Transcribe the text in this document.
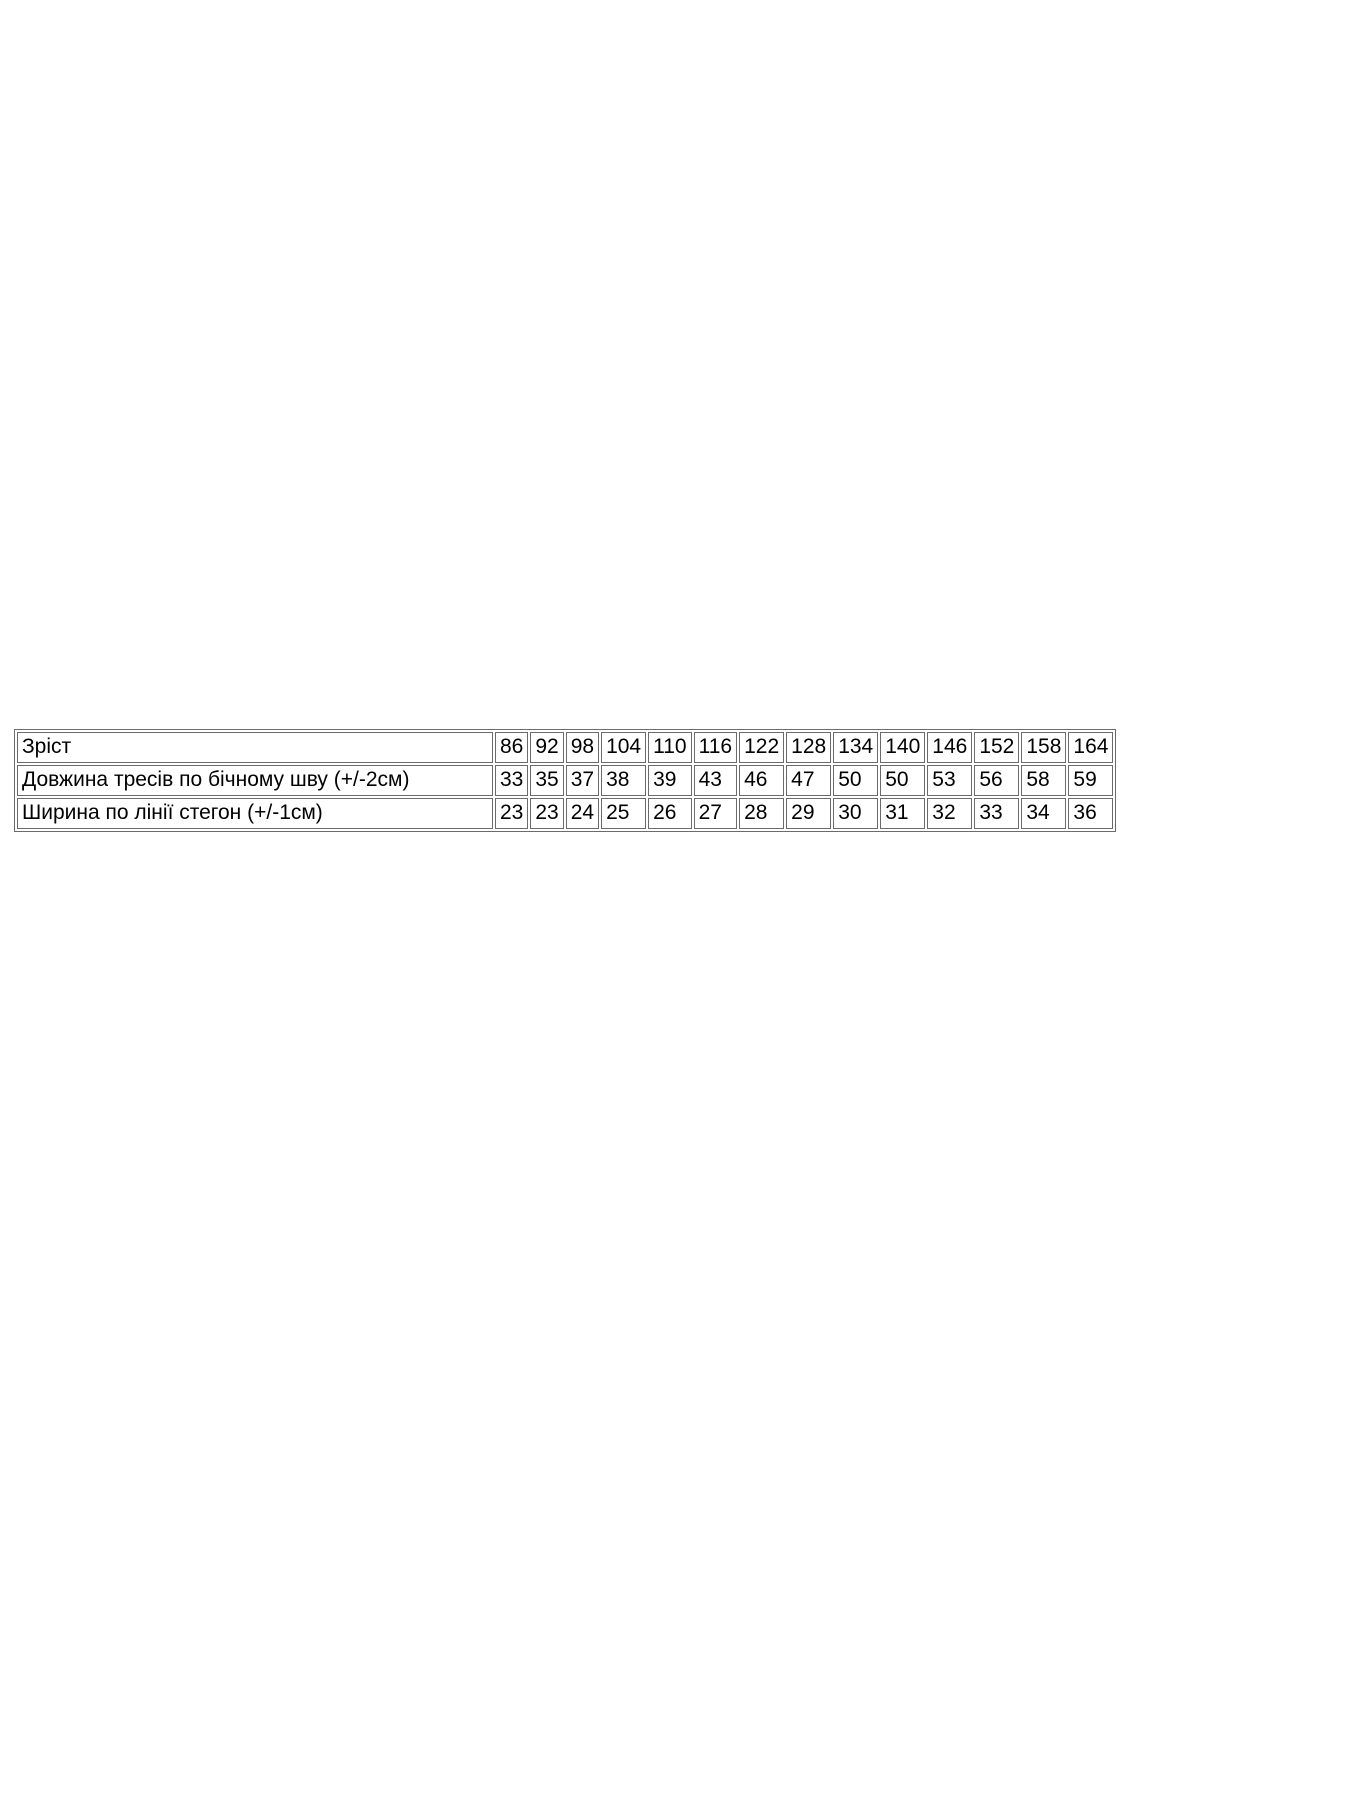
Зріст	86	92	98	104	110	116	122	128	134	140	146	152	158	164
Довжина тресів по бічному шву (+/-2см)	33	35	37	38	39	43	46	47	50	50	53	56	58	59
Ширина по лінії стегон (+/-1см)	23	23	24	25	26	27	28	29	30	31	32	33	34	36
